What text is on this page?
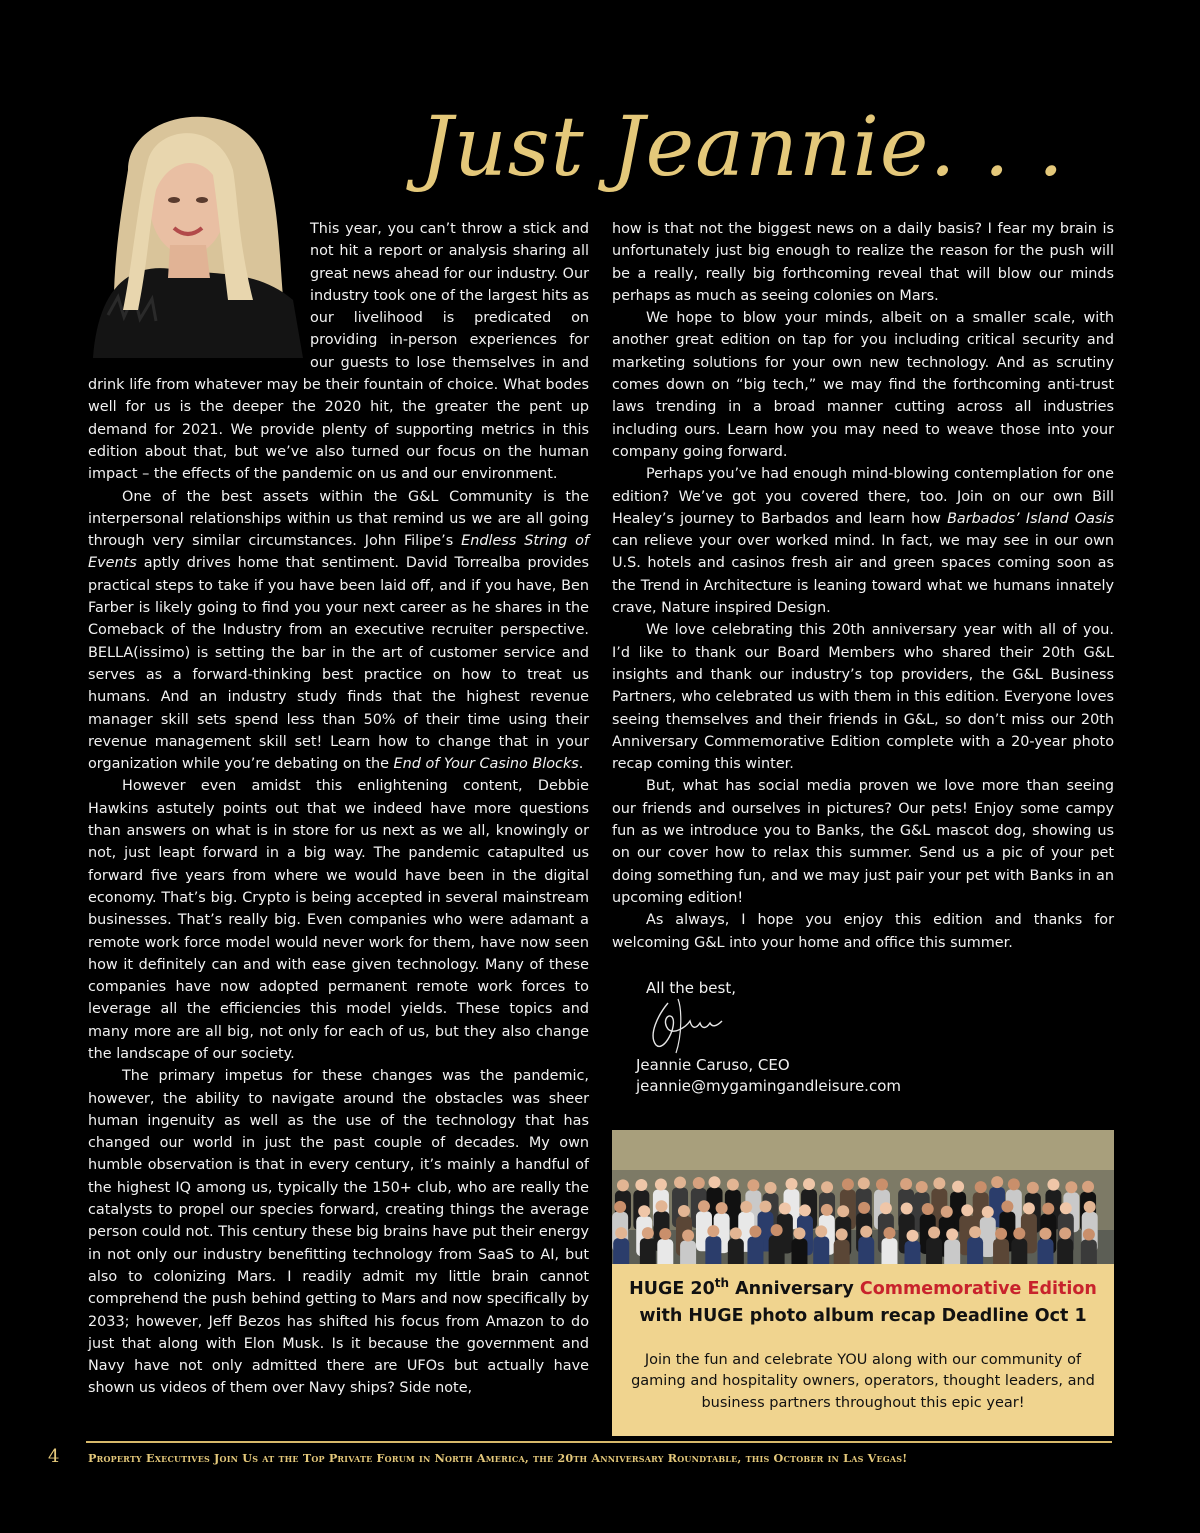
Just Jeannie. . .

This year, you can’t throw a stick and not hit a report or analysis sharing all great news ahead for our industry. Our industry took one of the largest hits as our livelihood is predicated on providing in-person experiences for our guests to lose themselves in and drink life from whatever may be their fountain of choice. What bodes well for us is the deeper the 2020 hit, the greater the pent up demand for 2021. We provide plenty of supporting metrics in this edition about that, but we’ve also turned our focus on the human impact – the effects of the pandemic on us and our environment.

One of the best assets within the G&L Community is the interpersonal relationships within us that remind us we are all going through very similar circumstances. John Filipe’s Endless String of Events aptly drives home that sentiment. David Torrealba provides practical steps to take if you have been laid off, and if you have, Ben Farber is likely going to find you your next career as he shares in the Comeback of the Industry from an executive recruiter perspective. BELLA(issimo) is setting the bar in the art of customer service and serves as a forward-thinking best practice on how to treat us humans. And an industry study finds that the highest revenue manager skill sets spend less than 50% of their time using their revenue management skill set! Learn how to change that in your organization while you’re debating on the End of Your Casino Blocks.

However even amidst this enlightening content, Debbie Hawkins astutely points out that we indeed have more questions than answers on what is in store for us next as we all, knowingly or not, just leapt forward in a big way. The pandemic catapulted us forward five years from where we would have been in the digital economy. That’s big. Crypto is being accepted in several mainstream businesses. That’s really big. Even companies who were adamant a remote work force model would never work for them, have now seen how it definitely can and with ease given technology. Many of these companies have now adopted permanent remote work forces to leverage all the efficiencies this model yields. These topics and many more are all big, not only for each of us, but they also change the landscape of our society.

The primary impetus for these changes was the pandemic, however, the ability to navigate around the obstacles was sheer human ingenuity as well as the use of the technology that has changed our world in just the past couple of decades. My own humble observation is that in every century, it’s mainly a handful of the highest IQ among us, typically the 150+ club, who are really the catalysts to propel our species forward, creating things the average person could not. This century these big brains have put their energy in not only our industry benefitting technology from SaaS to AI, but also to colonizing Mars. I readily admit my little brain cannot comprehend the push behind getting to Mars and now specifically by 2033; however, Jeff Bezos has shifted his focus from Amazon to do just that along with Elon Musk. Is it because the government and Navy have not only admitted there are UFOs but actually have shown us videos of them over Navy ships? Side note,

how is that not the biggest news on a daily basis? I fear my brain is unfortunately just big enough to realize the reason for the push will be a really, really big forthcoming reveal that will blow our minds perhaps as much as seeing colonies on Mars.

We hope to blow your minds, albeit on a smaller scale, with another great edition on tap for you including critical security and marketing solutions for your own new technology. And as scrutiny comes down on “big tech,” we may find the forthcoming anti-trust laws trending in a broad manner cutting across all industries including ours. Learn how you may need to weave those into your company going forward.

Perhaps you’ve had enough mind-blowing contemplation for one edition? We’ve got you covered there, too. Join on our own Bill Healey’s journey to Barbados and learn how Barbados’ Island Oasis can relieve your over worked mind. In fact, we may see in our own U.S. hotels and casinos fresh air and green spaces coming soon as the Trend in Architecture is leaning toward what we humans innately crave, Nature inspired Design.

We love celebrating this 20th anniversary year with all of you. I’d like to thank our Board Members who shared their 20th G&L insights and thank our industry’s top providers, the G&L Business Partners, who celebrated us with them in this edition. Everyone loves seeing themselves and their friends in G&L, so don’t miss our 20th Anniversary Commemorative Edition complete with a 20-year photo recap coming this winter.

But, what has social media proven we love more than seeing our friends and ourselves in pictures? Our pets! Enjoy some campy fun as we introduce you to Banks, the G&L mascot dog, showing us on our cover how to relax this summer. Send us a pic of your pet doing something fun, and we may just pair your pet with Banks in an upcoming edition!

As always, I hope you enjoy this edition and thanks for welcoming G&L into your home and office this summer.

All the best,
Jeannie Caruso, CEO
jeannie@mygamingandleisure.com
HUGE 20th Anniversary Commemorative Edition
with HUGE photo album recap Deadline Oct 1
Join the fun and celebrate YOU along with our community of gaming and hospitality owners, operators, thought leaders, and business partners throughout this epic year!
4	Property Executives Join Us at the Top Private Forum in North America, the 20th Anniversary Roundtable, this October in Las Vegas!
